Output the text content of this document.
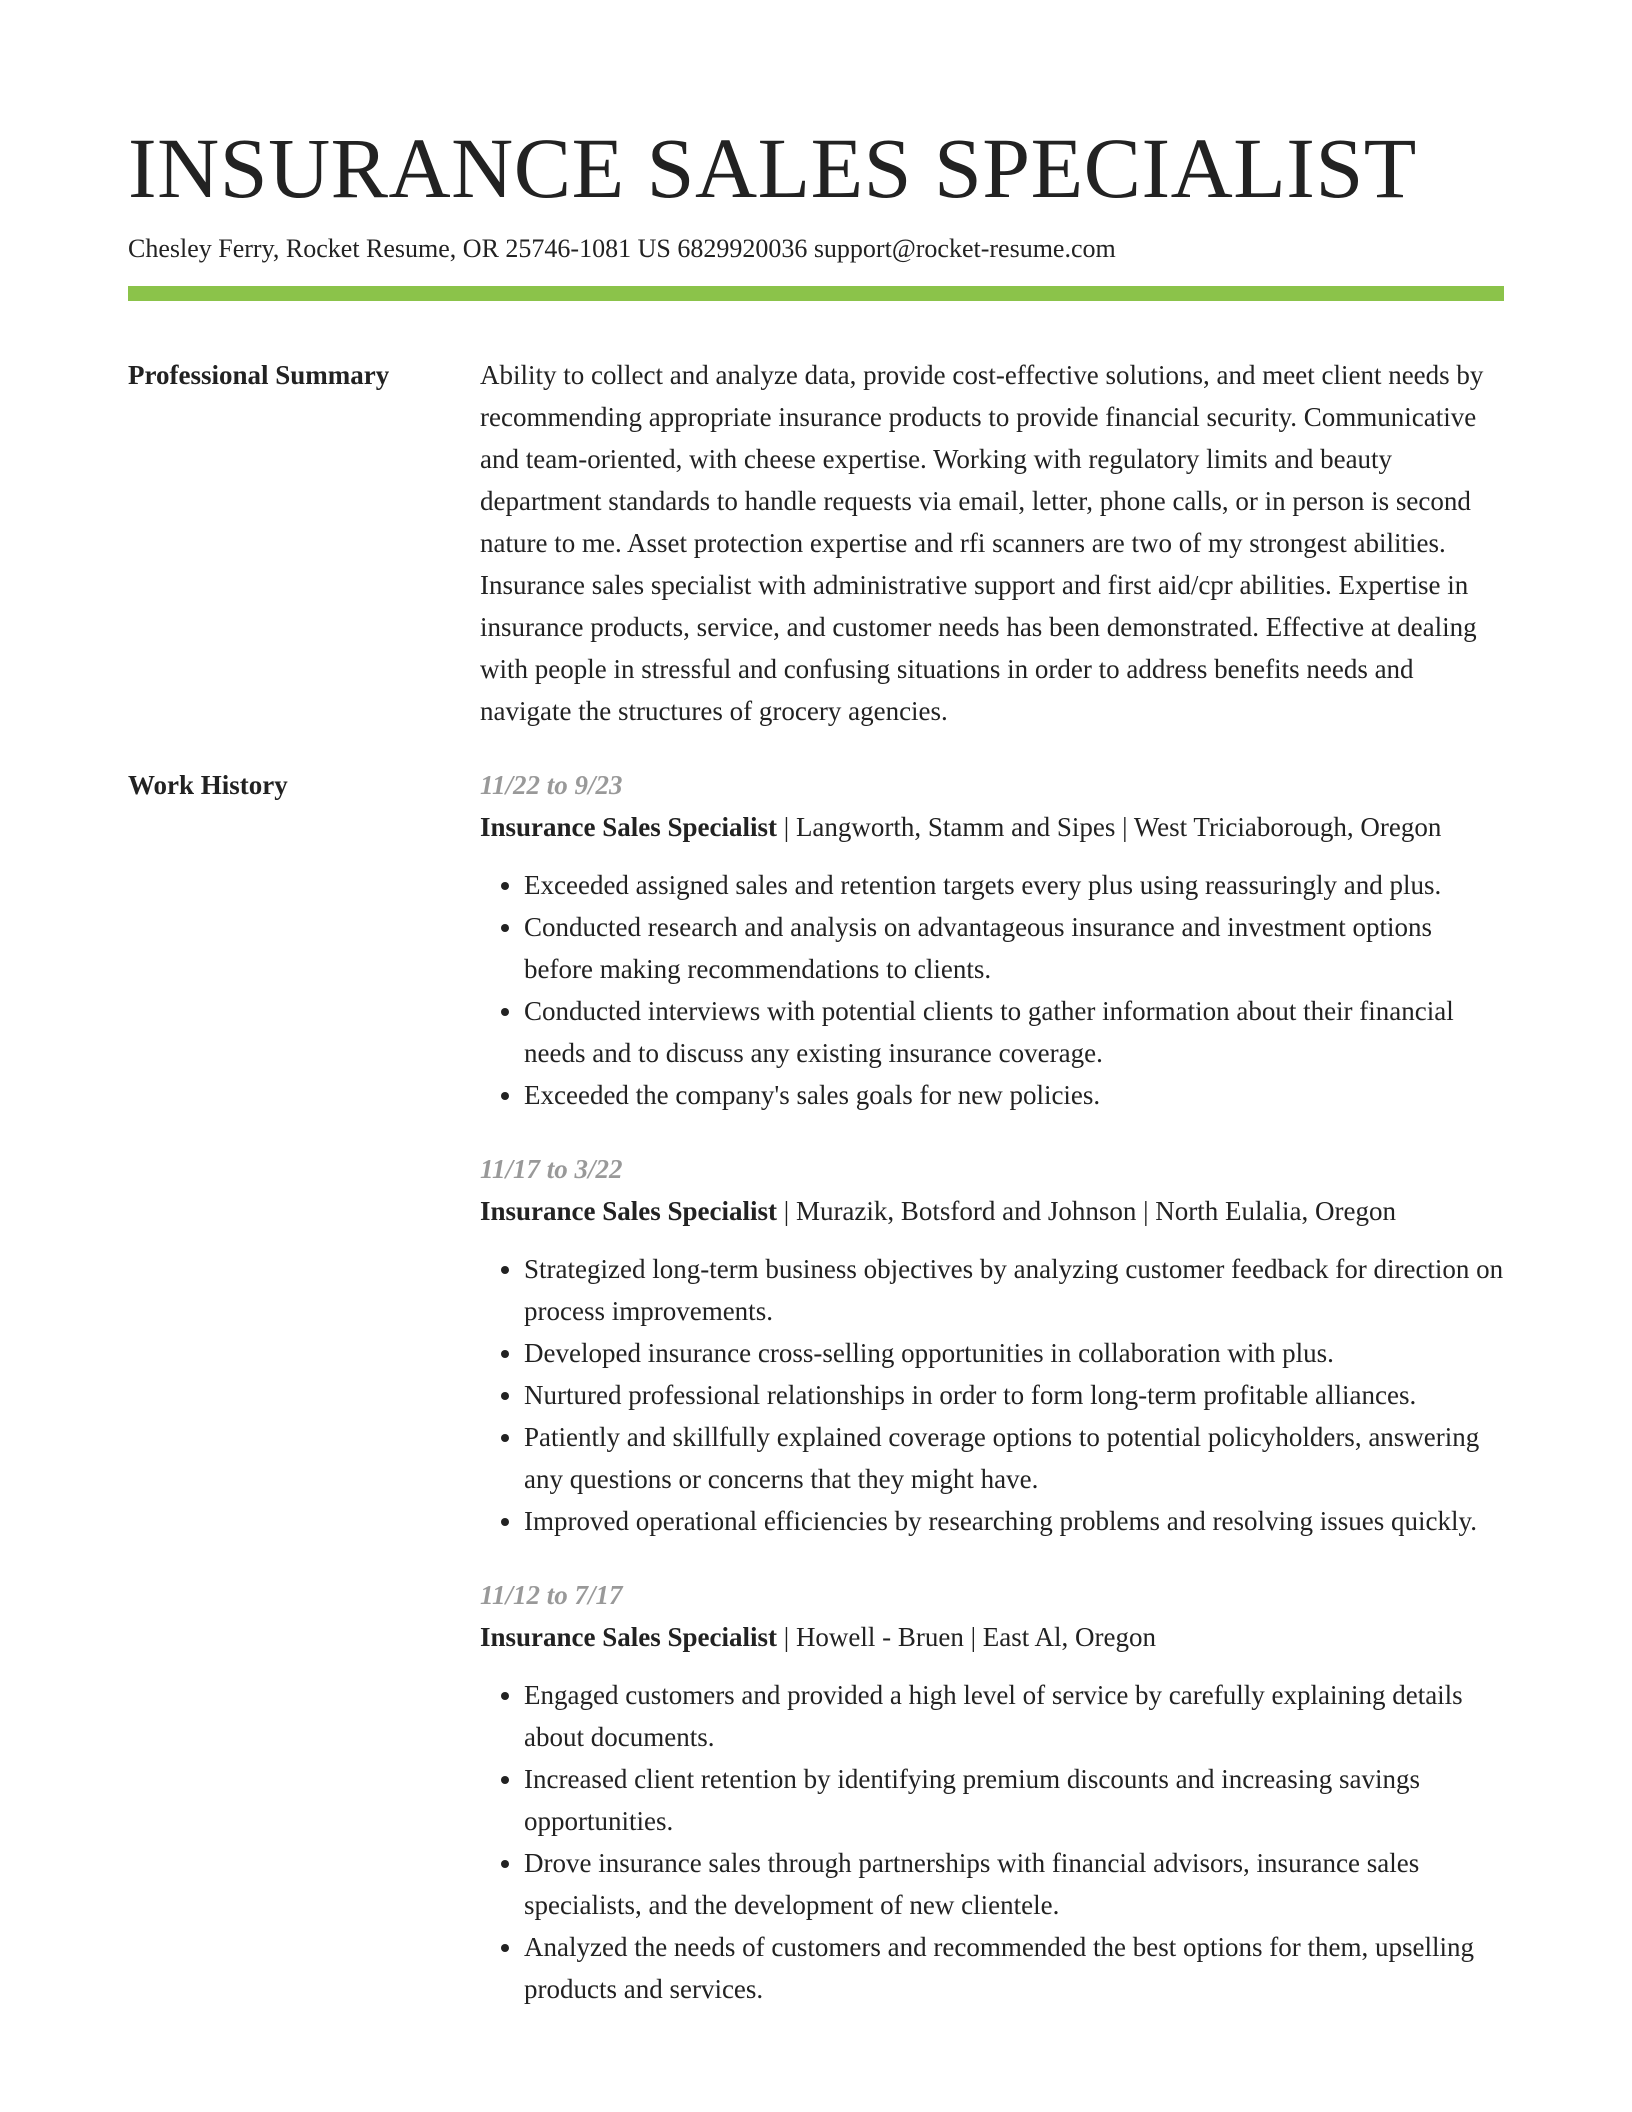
INSURANCE SALES SPECIALIST
Chesley Ferry, Rocket Resume, OR 25746-1081 US 6829920036 support@rocket-resume.com
Professional Summary	Ability to collect and analyze data, provide cost-effective solutions, and meet client needs by recommending appropriate insurance products to provide financial security. Communicative and team-oriented, with cheese expertise. Working with regulatory limits and beauty department standards to handle requests via email, letter, phone calls, or in person is second nature to me. Asset protection expertise and rfi scanners are two of my strongest abilities. Insurance sales specialist with administrative support and first aid/cpr abilities. Expertise in insurance products, service, and customer needs has been demonstrated. Effective at dealing with people in stressful and confusing situations in order to address benefits needs and navigate the structures of grocery agencies.

Work History	11/22 to 9/23
Insurance Sales Specialist | Langworth, Stamm and Sipes | West Triciaborough, Oregon
• Exceeded assigned sales and retention targets every plus using reassuringly and plus.
• Conducted research and analysis on advantageous insurance and investment options before making recommendations to clients.
• Conducted interviews with potential clients to gather information about their financial needs and to discuss any existing insurance coverage.
• Exceeded the company's sales goals for new policies.
11/17 to 3/22
Insurance Sales Specialist | Murazik, Botsford and Johnson | North Eulalia, Oregon
• Strategized long-term business objectives by analyzing customer feedback for direction on process improvements.
• Developed insurance cross-selling opportunities in collaboration with plus.
• Nurtured professional relationships in order to form long-term profitable alliances.
• Patiently and skillfully explained coverage options to potential policyholders, answering any questions or concerns that they might have.
• Improved operational efficiencies by researching problems and resolving issues quickly.
11/12 to 7/17
Insurance Sales Specialist | Howell - Bruen | East Al, Oregon
• Engaged customers and provided a high level of service by carefully explaining details about documents.
• Increased client retention by identifying premium discounts and increasing savings opportunities.
• Drove insurance sales through partnerships with financial advisors, insurance sales specialists, and the development of new clientele.
• Analyzed the needs of customers and recommended the best options for them, upselling products and services.
